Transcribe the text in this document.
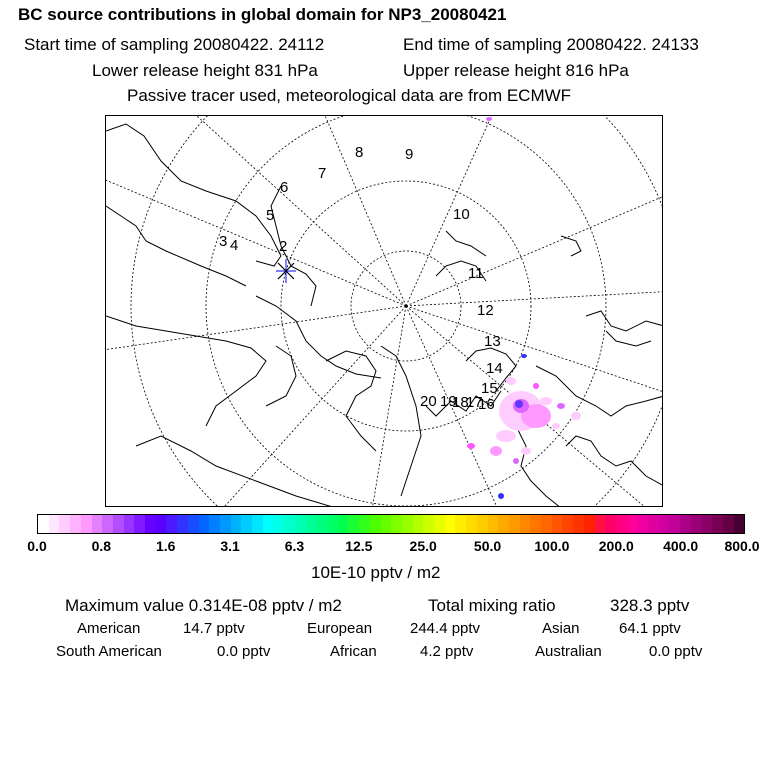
BC source contributions in global domain for NP3_20080421
Start time of sampling 20080422. 24112	End time of sampling 20080422. 24133
Lower release height 831 hPa	Upper release height 816 hPa
Passive tracer used, meteorological data are from ECMWF
2
3 4
5
6
7
8	9
10
11
12
13
14
15
16
17
18
19
20
0.0	0.8	1.6	3.1	6.3	12.5	25.0	50.0 100.0 200.0 400.0 800.0
10E-10 pptv / m2
Maximum value 0.314E-08 pptv / m2	Total mixing ratio	328.3 pptv
American	14.7 pptv	European	244.4 pptv	Asian	64.1 pptv
South American	0.0 pptv	African	4.2 pptv	Australian	0.0 pptv
